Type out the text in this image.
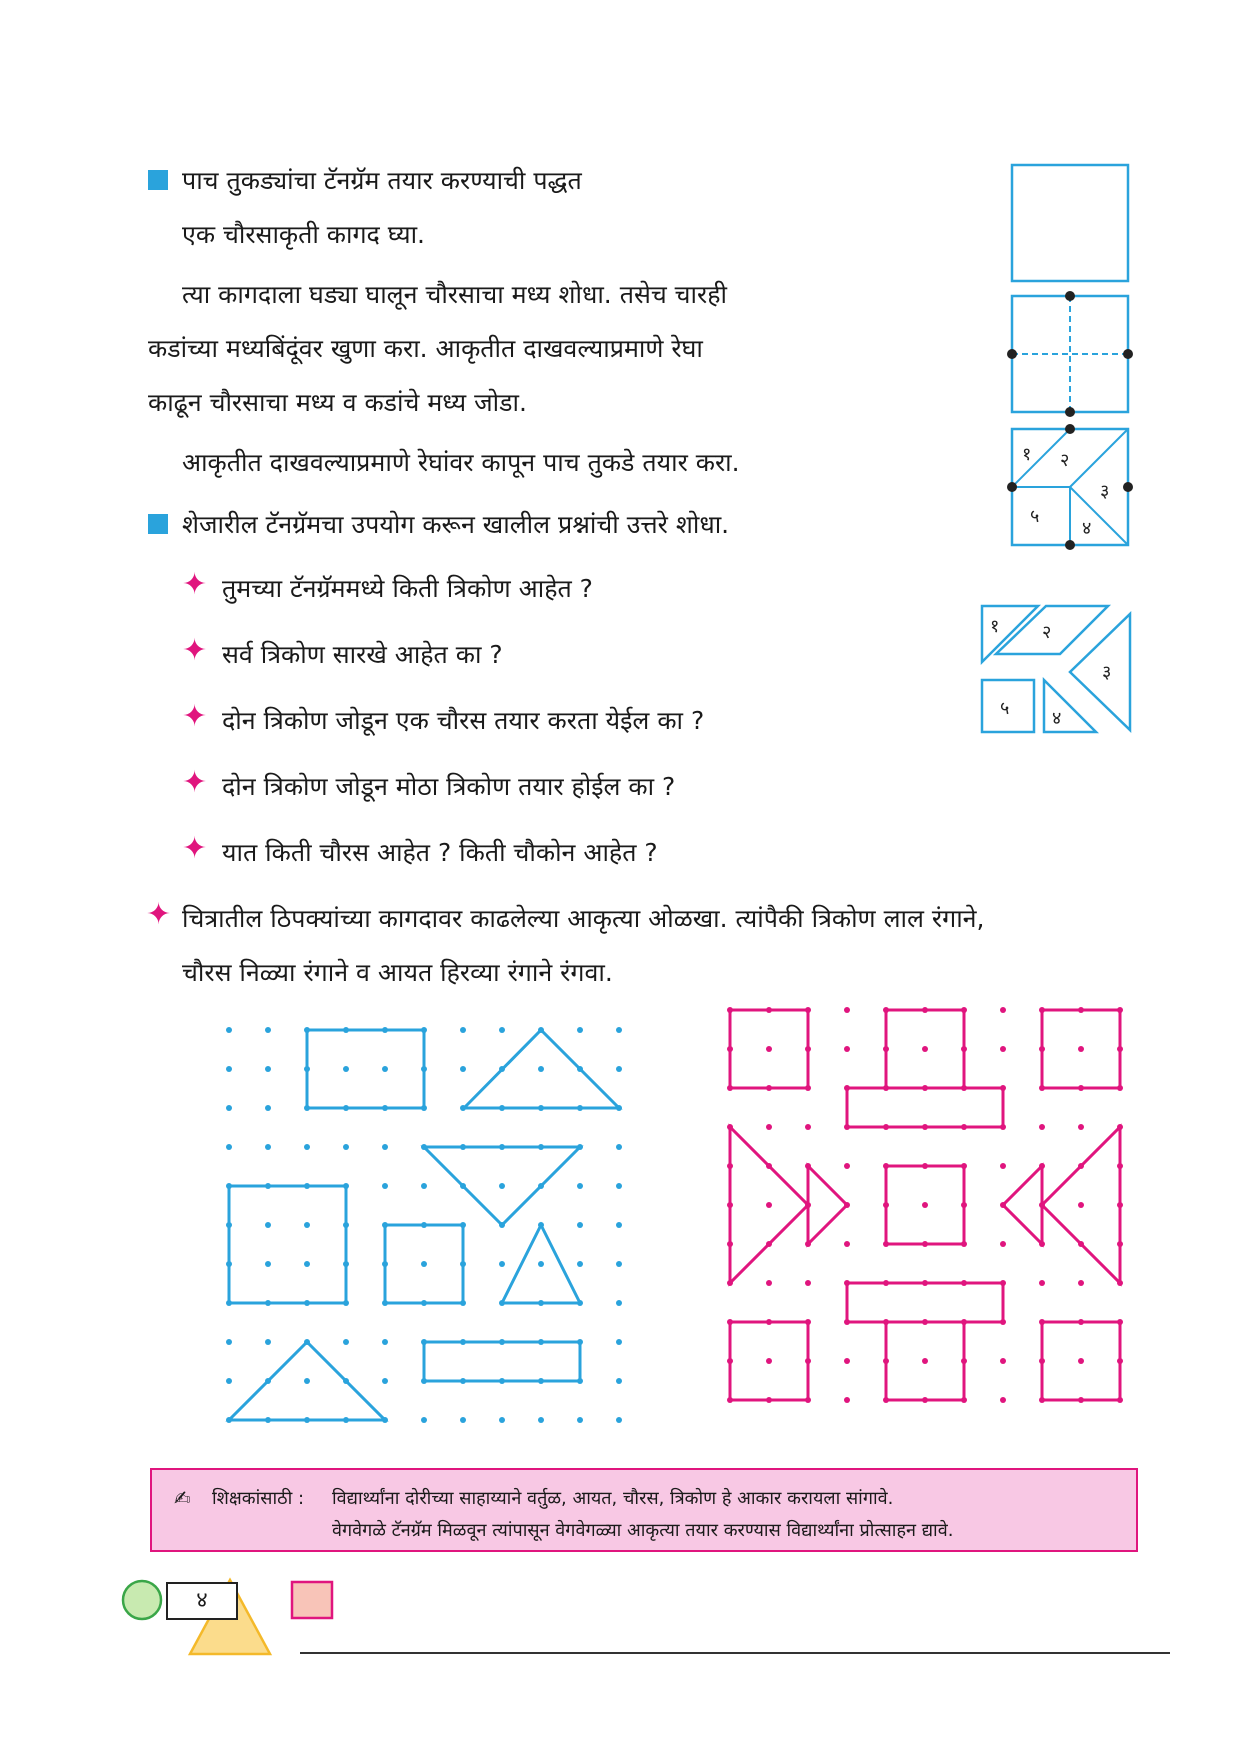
पाच तुकड्यांचा टॅनग्रॅम तयार करण्याची पद्धत
एक चौरसाकृती कागद घ्या.
त्या कागदाला घड्या घालून चौरसाचा मध्य शोधा. तसेच चारही
कडांच्या मध्यबिंदूंवर खुणा करा. आकृतीत दाखवल्याप्रमाणे रेघा
काढून चौरसाचा मध्य व कडांचे मध्य जोडा.
आकृतीत दाखवल्याप्रमाणे रेघांवर कापून पाच तुकडे तयार करा.
शेजारील टॅनग्रॅमचा उपयोग करून खालील प्रश्नांची उत्तरे शोधा.
✦ तुमच्या टॅनग्रॅममध्ये किती त्रिकोण आहेत ?
✦ सर्व त्रिकोण सारखे आहेत का ?
✦ दोन त्रिकोण जोडून एक चौरस तयार करता येईल का ?
✦ दोन त्रिकोण जोडून मोठा त्रिकोण तयार होईल का ?
✦ यात किती चौरस आहेत ? किती चौकोन आहेत ?
✦ चित्रातील ठिपक्यांच्या कागदावर काढलेल्या आकृत्या ओळखा. त्यांपैकी त्रिकोण लाल रंगाने,
चौरस निळ्या रंगाने व आयत हिरव्या रंगाने रंगवा.
१ २
३
५
४
१ २
३
५ ४
✍ शिक्षकांसाठी : विद्यार्थ्यांना दोरीच्या साहाय्याने वर्तुळ, आयत, चौरस, त्रिकोण हे आकार करायला सांगावे.
वेगवेगळे टॅनग्रॅम मिळवून त्यांपासून वेगवेगळ्या आकृत्या तयार करण्यास विद्यार्थ्यांना प्रोत्साहन द्यावे.
४
